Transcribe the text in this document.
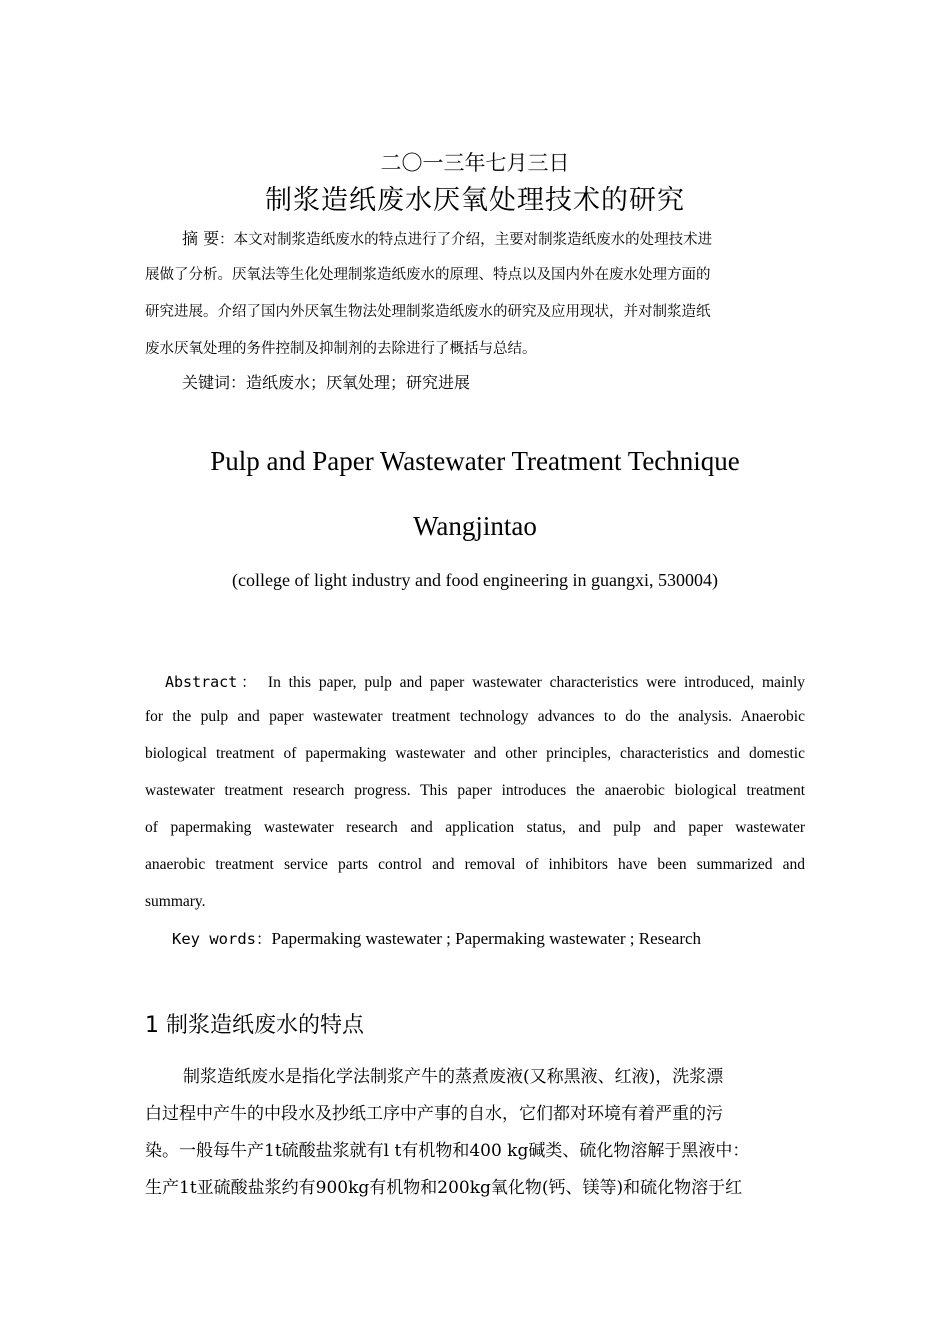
二〇一三年七月三日
制浆造纸废水厌氧处理技术的研究
摘 要：本文对制浆造纸废水的特点进行了介绍，主要对制浆造纸废水的处理技术进
展做了分析。厌氧法等生化处理制浆造纸废水的原理、特点以及国内外在废水处理方面的
研究进展。介绍了国内外厌氧生物法处理制浆造纸废水的研究及应用现状，并对制浆造纸
废水厌氧处理的务件控制及抑制剂的去除进行了概括与总结。
关键词：造纸废水；厌氧处理；研究进展
Pulp and Paper Wastewater Treatment Technique
Wangjintao
(college of light industry and food engineering in guangxi, 530004)
Abstract： In this paper, pulp and paper wastewater characteristics were introduced, mainly
for the pulp and paper wastewater treatment technology advances to do the analysis. Anaerobic
biological treatment of papermaking wastewater and other principles, characteristics and domestic
wastewater treatment research progress. This paper introduces the anaerobic biological treatment
of papermaking wastewater research and application status, and pulp and paper wastewater
anaerobic treatment service parts control and removal of inhibitors have been summarized and
summary.
Key words：Papermaking wastewater ; Papermaking wastewater ; Research
1 制浆造纸废水的特点
制浆造纸废水是指化学法制浆产牛的蒸煮废液(又称黑液、红液)，洗浆漂
白过程中产牛的中段水及抄纸工序中产事的自水，它们都对环境有着严重的污
染。一般每牛产1t硫酸盐浆就有l t有机物和400 kg碱类、硫化物溶解于黑液中：
生产1t亚硫酸盐浆约有900kg有机物和200kg氧化物(钙、镁等)和硫化物溶于红
